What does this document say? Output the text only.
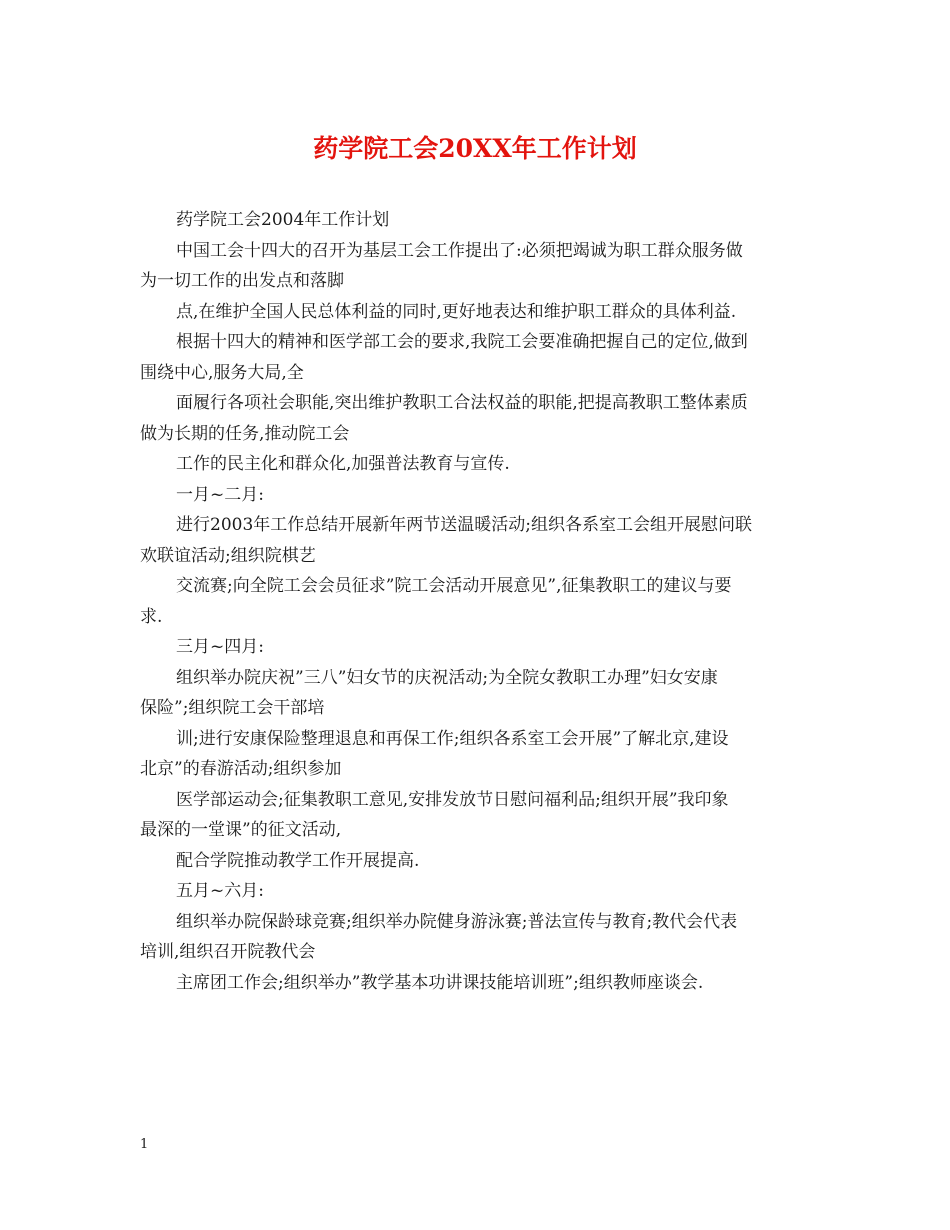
药学院工会20XX年工作计划

药学院工会2004年工作计划

中国工会十四大的召开为基层工会工作提出了:必须把竭诚为职工群众服务做

为一切工作的出发点和落脚

点,在维护全国人民总体利益的同时,更好地表达和维护职工群众的具体利益.

根据十四大的精神和医学部工会的要求,我院工会要准确把握自己的定位,做到

围绕中心,服务大局,全

面履行各项社会职能,突出维护教职工合法权益的职能,把提高教职工整体素质

做为长期的任务,推动院工会

工作的民主化和群众化,加强普法教育与宣传.

一月~二月:

进行2003年工作总结开展新年两节送温暖活动;组织各系室工会组开展慰问联

欢联谊活动;组织院棋艺

交流赛;向全院工会会员征求”院工会活动开展意见”,征集教职工的建议与要

求.

三月~四月:

组织举办院庆祝”三八”妇女节的庆祝活动;为全院女教职工办理”妇女安康

保险”;组织院工会干部培

训;进行安康保险整理退息和再保工作;组织各系室工会开展”了解北京,建设

北京”的春游活动;组织参加

医学部运动会;征集教职工意见,安排发放节日慰问福利品;组织开展”我印象

最深的一堂课”的征文活动,

配合学院推动教学工作开展提高.

五月~六月:

组织举办院保龄球竞赛;组织举办院健身游泳赛;普法宣传与教育;教代会代表

培训,组织召开院教代会

主席团工作会;组织举办”教学基本功讲课技能培训班”;组织教师座谈会.

1
